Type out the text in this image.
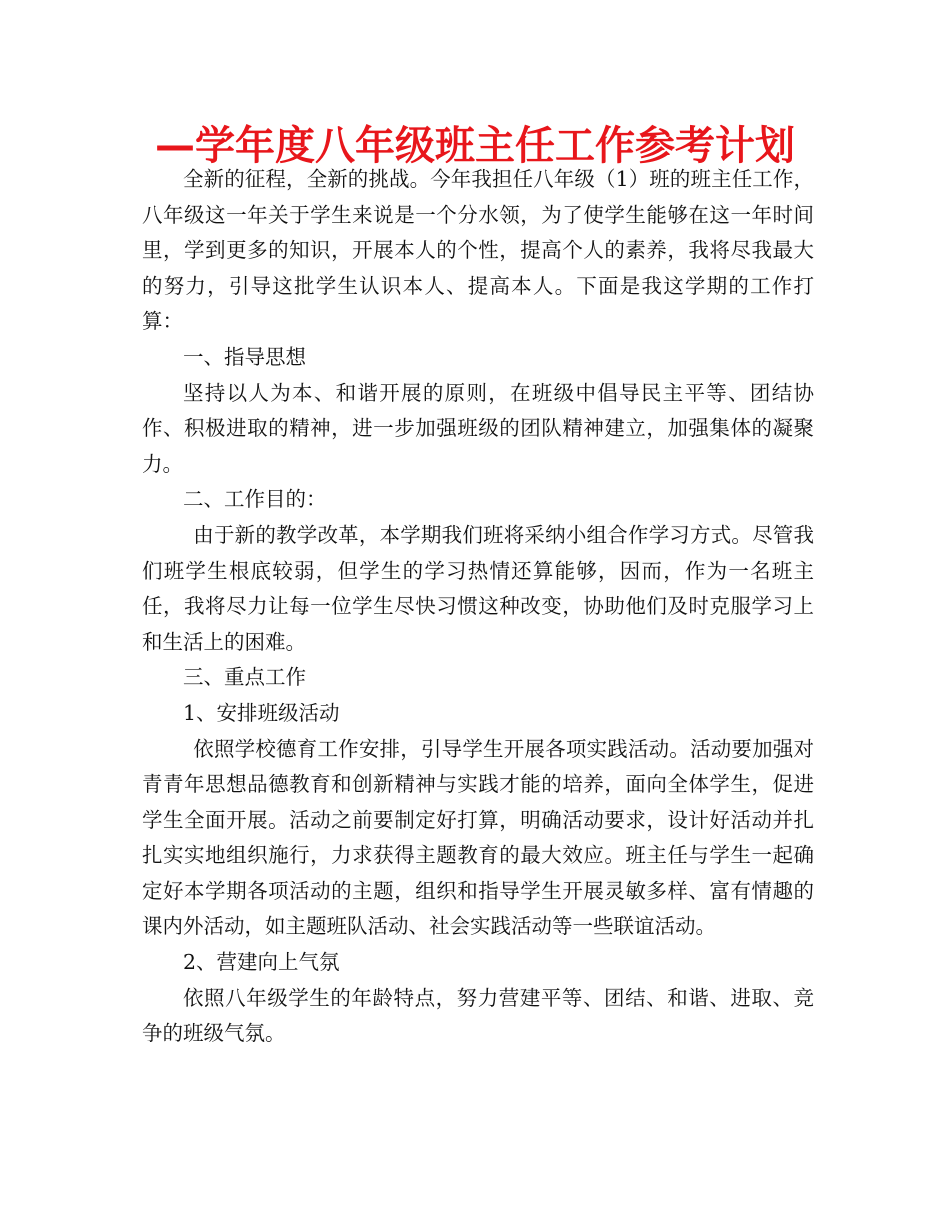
—学年度八年级班主任工作参考计划

全新的征程，全新的挑战。今年我担任八年级（1）班的班主任工作，八年级这一年关于学生来说是一个分水领，为了使学生能够在这一年时间里，学到更多的知识，开展本人的个性，提高个人的素养，我将尽我最大的努力，引导这批学生认识本人、提高本人。下面是我这学期的工作打算：

一、指导思想

坚持以人为本、和谐开展的原则，在班级中倡导民主平等、团结协作、积极进取的精神，进一步加强班级的团队精神建立，加强集体的凝聚力。

二、工作目的：

由于新的教学改革，本学期我们班将采纳小组合作学习方式。尽管我们班学生根底较弱，但学生的学习热情还算能够，因而，作为一名班主任，我将尽力让每一位学生尽快习惯这种改变，协助他们及时克服学习上和生活上的困难。

三、重点工作

1、安排班级活动

依照学校德育工作安排，引导学生开展各项实践活动。活动要加强对青青年思想品德教育和创新精神与实践才能的培养，面向全体学生，促进学生全面开展。活动之前要制定好打算，明确活动要求，设计好活动并扎扎实实地组织施行，力求获得主题教育的最大效应。班主任与学生一起确定好本学期各项活动的主题，组织和指导学生开展灵敏多样、富有情趣的课内外活动，如主题班队活动、社会实践活动等一些联谊活动。

2、营建向上气氛

依照八年级学生的年龄特点，努力营建平等、团结、和谐、进取、竞争的班级气氛。
